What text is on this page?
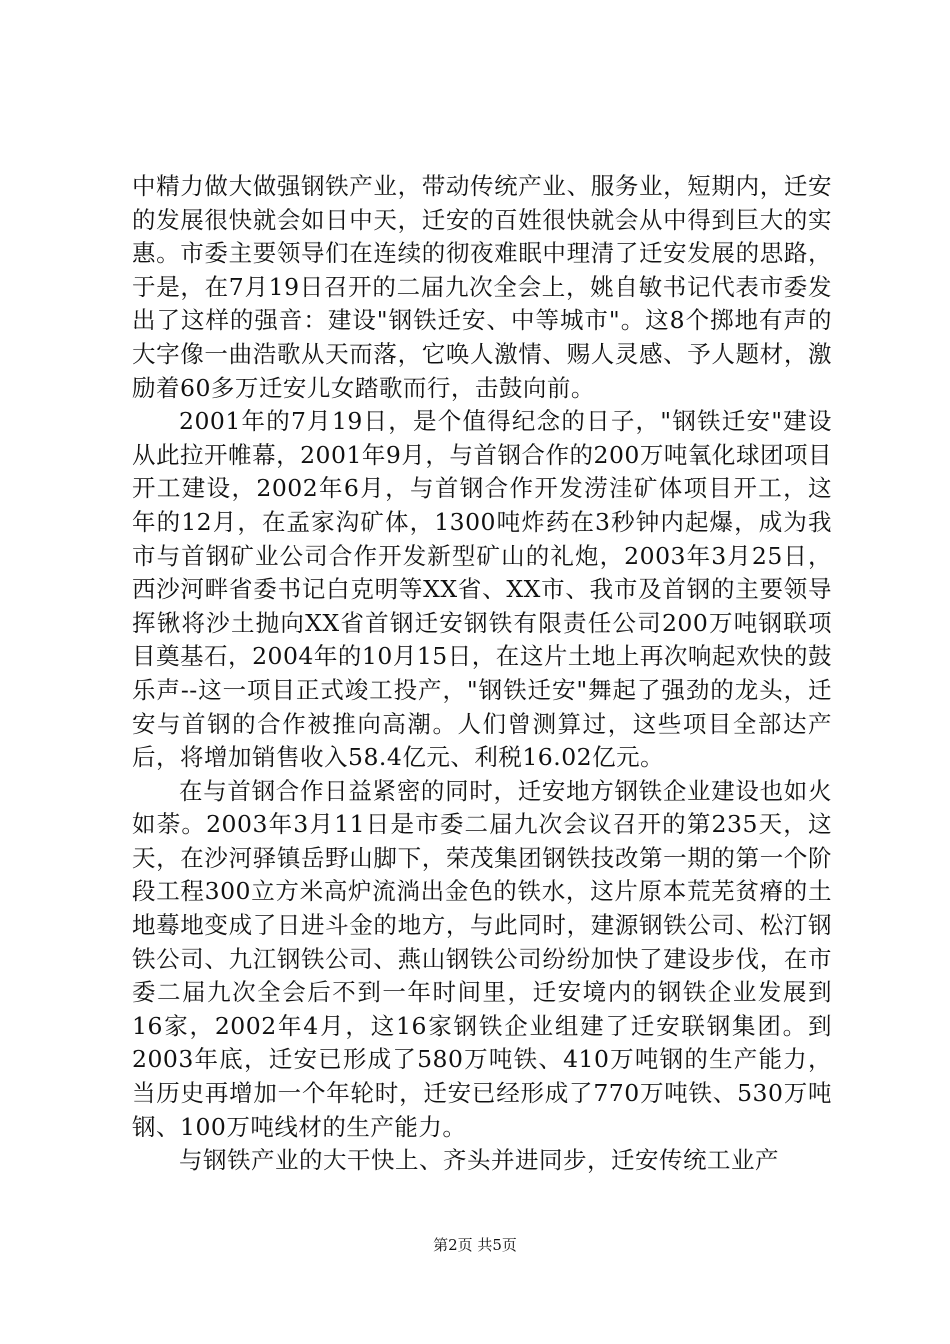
中精力做大做强钢铁产业，带动传统产业、服务业，短期内，迁安的发展很快就会如日中天，迁安的百姓很快就会从中得到巨大的实惠。市委主要领导们在连续的彻夜难眠中理清了迁安发展的思路，于是，在7月19日召开的二届九次全会上，姚自敏书记代表市委发出了这样的强音：建设"钢铁迁安、中等城市"。这8个掷地有声的大字像一曲浩歌从天而落，它唤人激情、赐人灵感、予人题材，激励着60多万迁安儿女踏歌而行，击鼓向前。

2001年的7月19日，是个值得纪念的日子，"钢铁迁安"建设从此拉开帷幕，2001年9月，与首钢合作的200万吨氧化球团项目开工建设，2002年6月，与首钢合作开发涝洼矿体项目开工，这年的12月，在孟家沟矿体，1300吨炸药在3秒钟内起爆，成为我市与首钢矿业公司合作开发新型矿山的礼炮，2003年3月25日，西沙河畔省委书记白克明等XX省、XX市、我市及首钢的主要领导挥锹将沙土抛向XX省首钢迁安钢铁有限责任公司200万吨钢联项目奠基石，2004年的10月15日，在这片土地上再次响起欢快的鼓乐声--这一项目正式竣工投产，"钢铁迁安"舞起了强劲的龙头，迁安与首钢的合作被推向高潮。人们曾测算过，这些项目全部达产后，将增加销售收入58.4亿元、利税16.02亿元。

在与首钢合作日益紧密的同时，迁安地方钢铁企业建设也如火如荼。2003年3月11日是市委二届九次会议召开的第235天，这天，在沙河驿镇岳野山脚下，荣茂集团钢铁技改第一期的第一个阶段工程300立方米高炉流淌出金色的铁水，这片原本荒芜贫瘠的土地蓦地变成了日进斗金的地方，与此同时，建源钢铁公司、松汀钢铁公司、九江钢铁公司、燕山钢铁公司纷纷加快了建设步伐，在市委二届九次全会后不到一年时间里，迁安境内的钢铁企业发展到16家，2002年4月，这16家钢铁企业组建了迁安联钢集团。到2003年底，迁安已形成了580万吨铁、410万吨钢的生产能力，当历史再增加一个年轮时，迁安已经形成了770万吨铁、530万吨钢、100万吨线材的生产能力。

与钢铁产业的大干快上、齐头并进同步，迁安传统工业产

第2页 共5页
